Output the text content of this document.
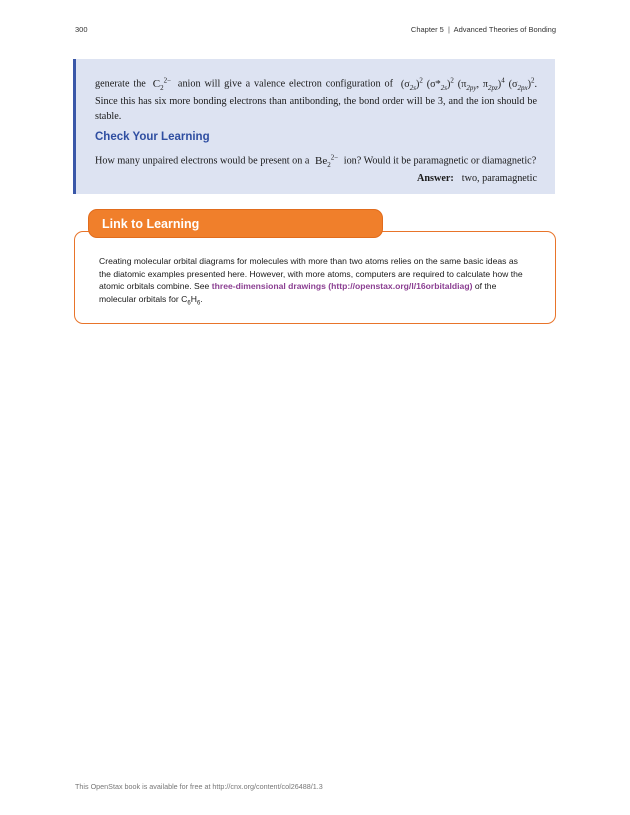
300	Chapter 5 | Advanced Theories of Bonding

generate the $C_2^{2-}$ anion will give a valence electron configuration of $(\sigma_{2s})^2$ $(\sigma*_{2s})^2$ ($\pi_{2py}$, $\pi_{2pz})^4$ $(\sigma_{2px})^2$. Since this has six more bonding electrons than antibonding, the bond order will be 3, and the ion should be stable.

Check Your Learning

How many unpaired electrons would be present on a $Be_2^{2-}$ ion? Would it be paramagnetic or diamagnetic?

Answer: two, paramagnetic

Link to Learning
Creating molecular orbital diagrams for molecules with more than two atoms relies on the same basic ideas as the diatomic examples presented here. However, with more atoms, computers are required to calculate how the atomic orbitals combine. See three-dimensional drawings (http://openstax.org/l/16orbitaldiag) of the molecular orbitals for $C_6H_6$.
This OpenStax book is available for free at http://cnx.org/content/col26488/1.3
